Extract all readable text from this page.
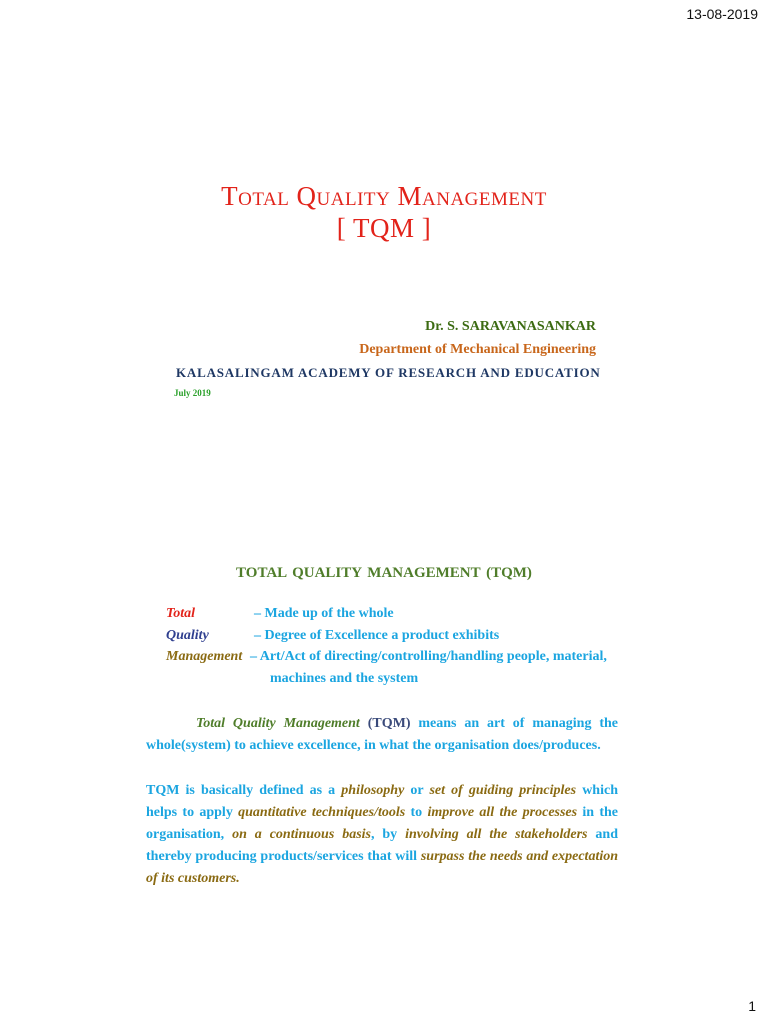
13-08-2019
Total Quality Management
[ TQM ]
Dr. S. SARAVANASANKAR
Department of Mechanical Engineering
KALASALINGAM ACADEMY OF RESEARCH AND EDUCATION
July 2019
TOTAL QUALITY MANAGEMENT (TQM)
Total	– Made up of the whole
Quality	– Degree of Excellence a product exhibits
Management – Art/Act of directing/controlling/handling people, material,
machines and the system
Total Quality Management (TQM) means an art of managing the whole(system) to achieve excellence, in what the organisation does/produces.
TQM is basically defined as a philosophy or set of guiding principles which helps to apply quantitative techniques/tools to improve all the processes in the organisation, on a continuous basis, by involving all the stakeholders and thereby producing products/services that will surpass the needs and expectation of its customers.
1
